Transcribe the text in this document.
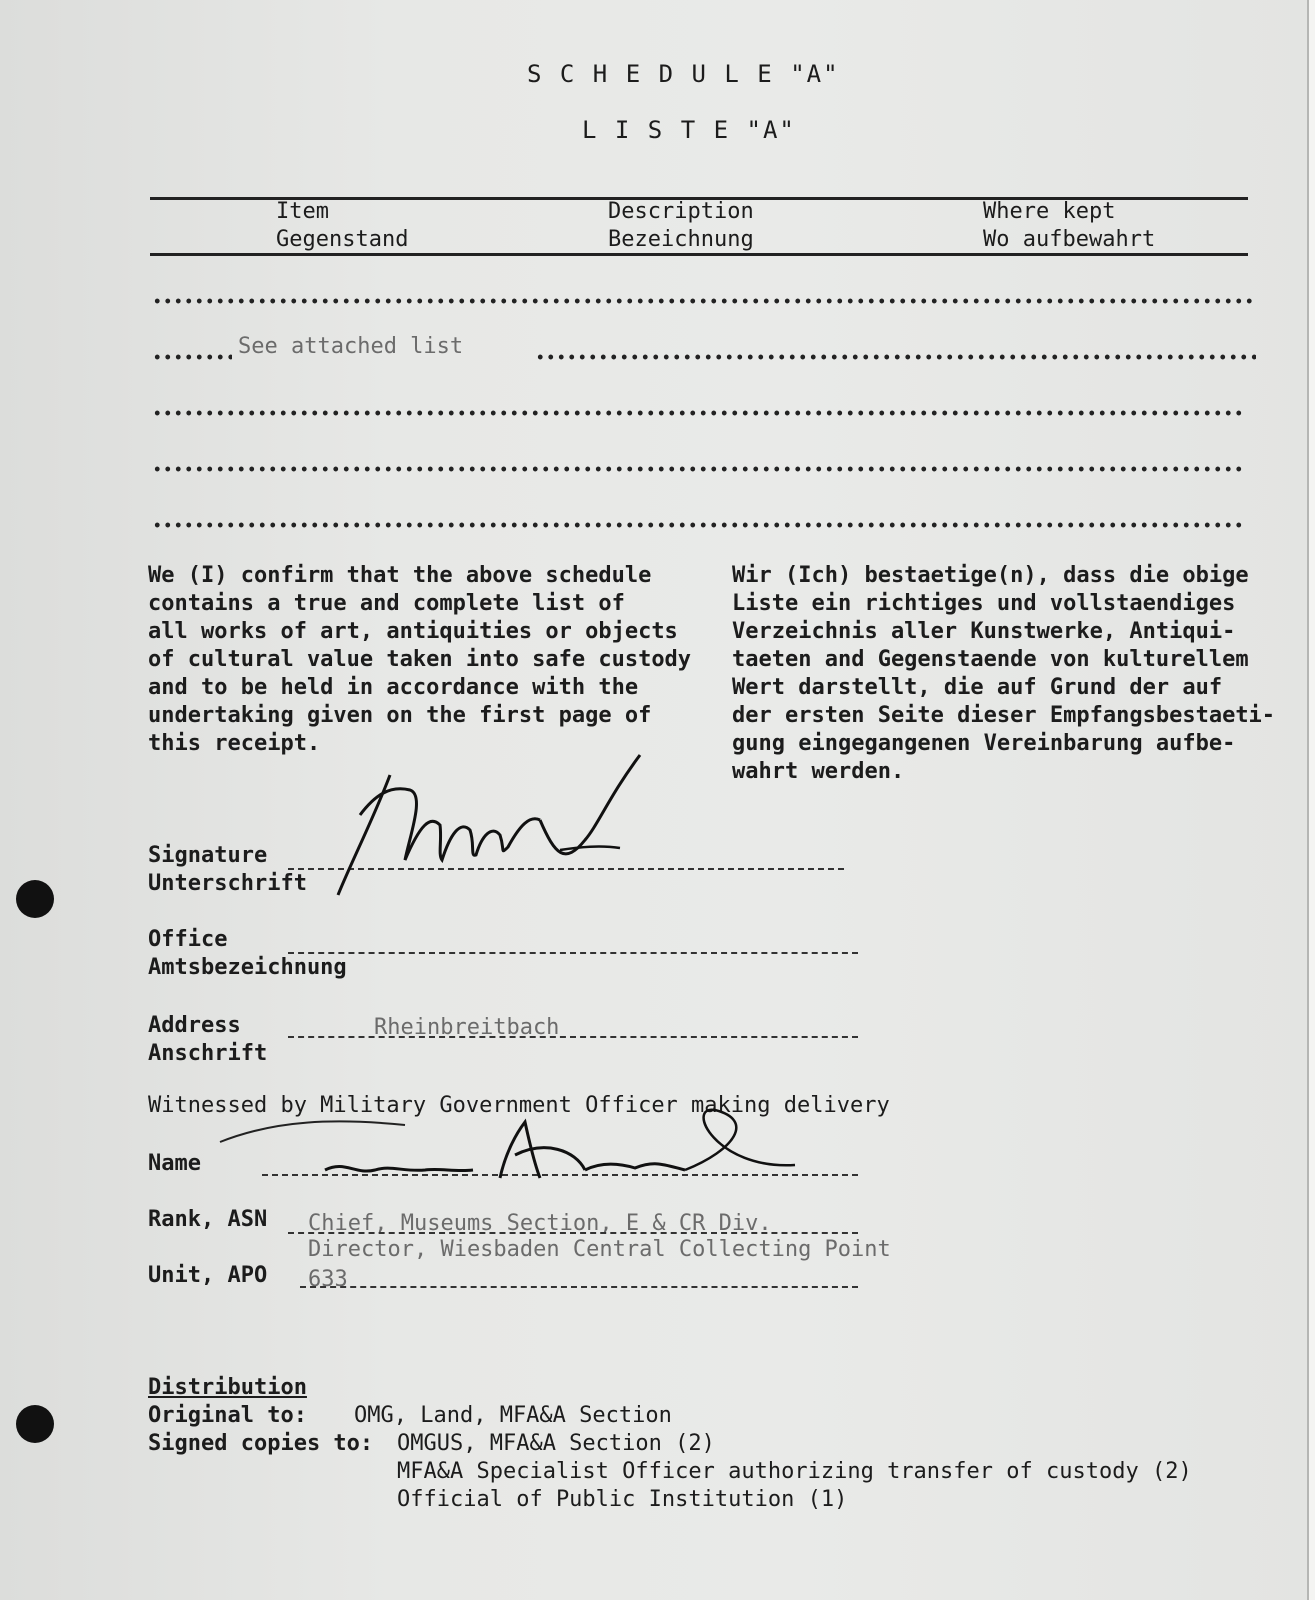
S C H E D U L E "A"
L I S T E "A"
Item
Gegenstand
Description
Bezeichnung
Where kept
Wo aufbewahrt
See attached list
We (I) confirm that the above schedule
contains a true and complete list of
all works of art, antiquities or objects
of cultural value taken into safe custody
and to be held in accordance with the
undertaking given on the first page of
this receipt.
Wir (Ich) bestaetige(n), dass die obige
Liste ein richtiges und vollstaendiges
Verzeichnis aller Kunstwerke, Antiqui-
taeten and Gegenstaende von kulturellem
Wert darstellt, die auf Grund der auf
der ersten Seite dieser Empfangsbestaeti-
gung eingegangenen Vereinbarung aufbe-
wahrt werden.
Signature
Unterschrift
Office
Amtsbezeichnung
Address
Anschrift
Rheinbreitbach
Witnessed by Military Government Officer making delivery
Name
Rank, ASN Chief, Museums Section, E & CR Div.
Director, Wiesbaden Central Collecting Point
Unit, APO 633
Distribution
Original to: OMG, Land, MFA&A Section
Signed copies to: OMGUS, MFA&A Section (2)
MFA&A Specialist Officer authorizing transfer of custody (2)
Official of Public Institution (1)
